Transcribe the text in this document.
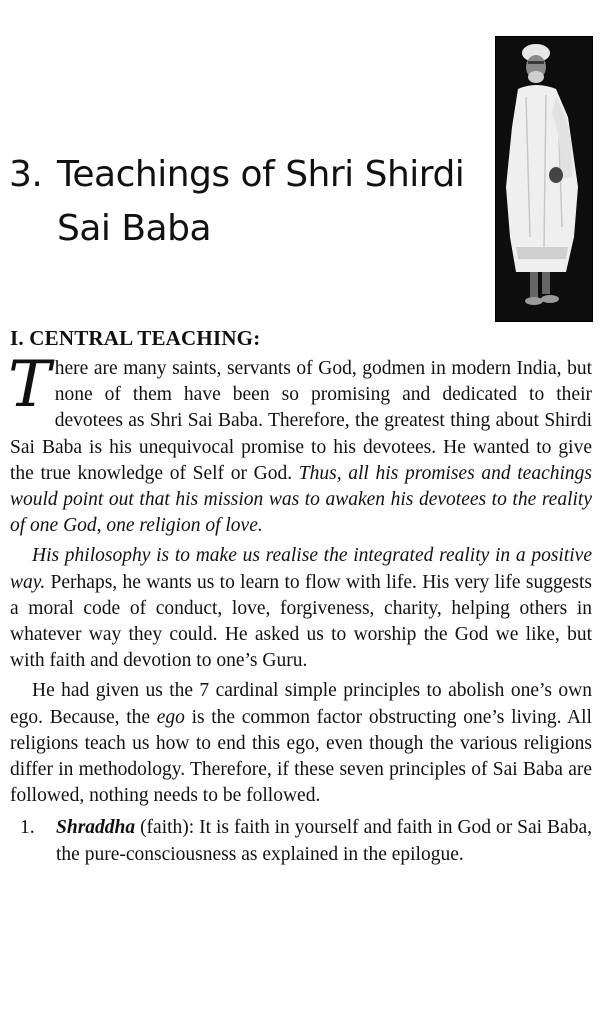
3. Teachings of Shri Shirdi
Sai Baba
I. CENTRAL TEACHING:

There are many saints, servants of God, godmen in modern India, but none of them have been so promising and dedicated to their devotees as Shri Sai Baba. Therefore, the greatest thing about Shirdi Sai Baba is his unequivocal promise to his devotees. He wanted to give the true knowledge of Self or God. Thus, all his promises and teachings would point out that his mission was to awaken his devotees to the reality of one God, one religion of love.

His philosophy is to make us realise the integrated reality in a positive way. Perhaps, he wants us to learn to flow with life. His very life suggests a moral code of conduct, love, forgiveness, charity, helping others in whatever way they could. He asked us to worship the God we like, but with faith and devotion to one’s Guru.

He had given us the 7 cardinal simple principles to abolish one’s own ego. Because, the ego is the common factor obstructing one’s living. All religions teach us how to end this ego, even though the various religions differ in methodology. Therefore, if these seven principles of Sai Baba are followed, nothing needs to be followed.

1. Shraddha (faith): It is faith in yourself and faith in God or Sai Baba, the pure-consciousness as explained in the epilogue.
